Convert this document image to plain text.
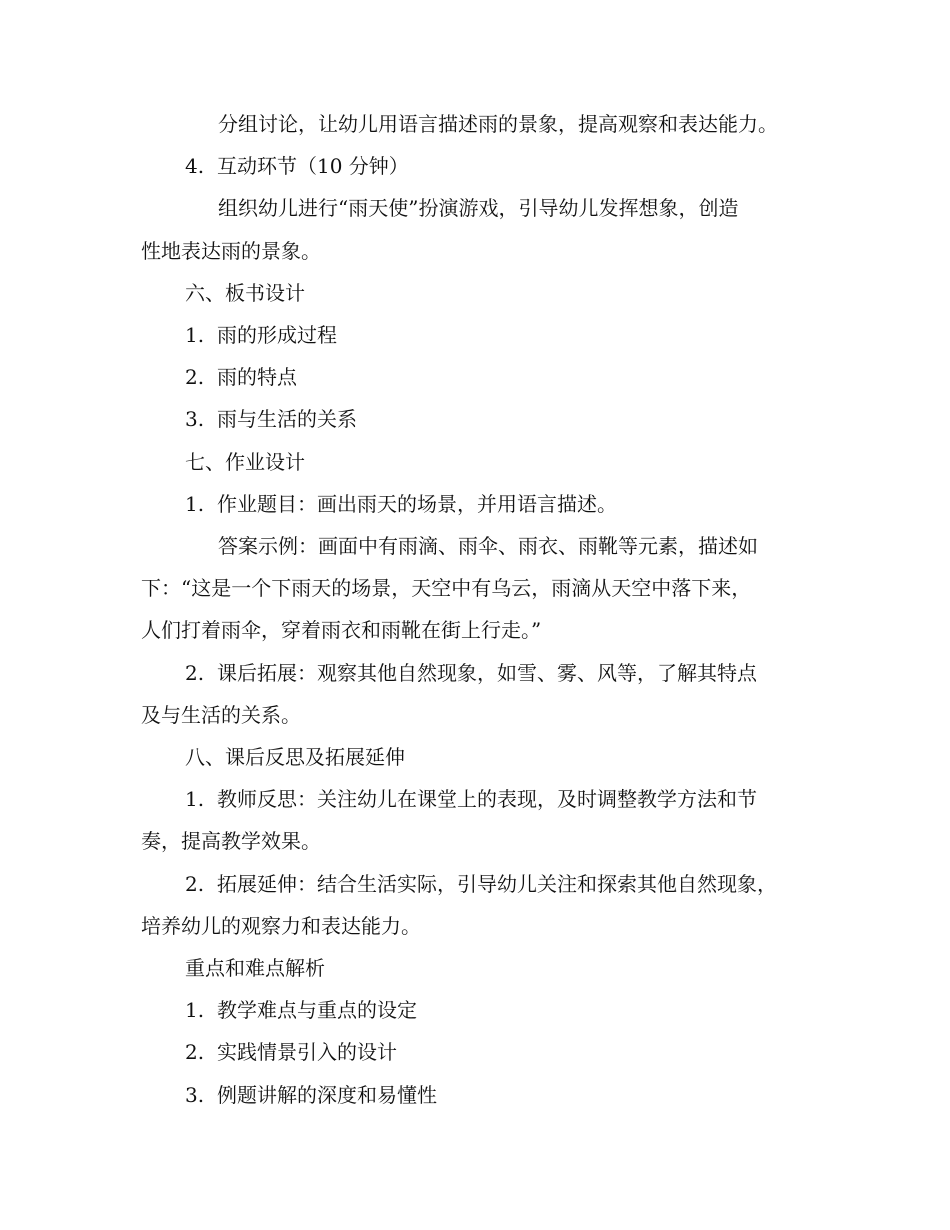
分组讨论，让幼儿用语言描述雨的景象，提高观察和表达能力。
4. 互动环节（10 分钟）
组织幼儿进行“雨天使”扮演游戏，引导幼儿发挥想象，创造
性地表达雨的景象。
六、板书设计
1. 雨的形成过程
2. 雨的特点
3. 雨与生活的关系
七、作业设计
1. 作业题目：画出雨天的场景，并用语言描述。
答案示例：画面中有雨滴、雨伞、雨衣、雨靴等元素，描述如
下：“这是一个下雨天的场景，天空中有乌云，雨滴从天空中落下来，
人们打着雨伞，穿着雨衣和雨靴在街上行走。”
2. 课后拓展：观察其他自然现象，如雪、雾、风等，了解其特点
及与生活的关系。
八、课后反思及拓展延伸
1. 教师反思：关注幼儿在课堂上的表现，及时调整教学方法和节
奏，提高教学效果。
2. 拓展延伸：结合生活实际，引导幼儿关注和探索其他自然现象，
培养幼儿的观察力和表达能力。
重点和难点解析
1. 教学难点与重点的设定
2. 实践情景引入的设计
3. 例题讲解的深度和易懂性
